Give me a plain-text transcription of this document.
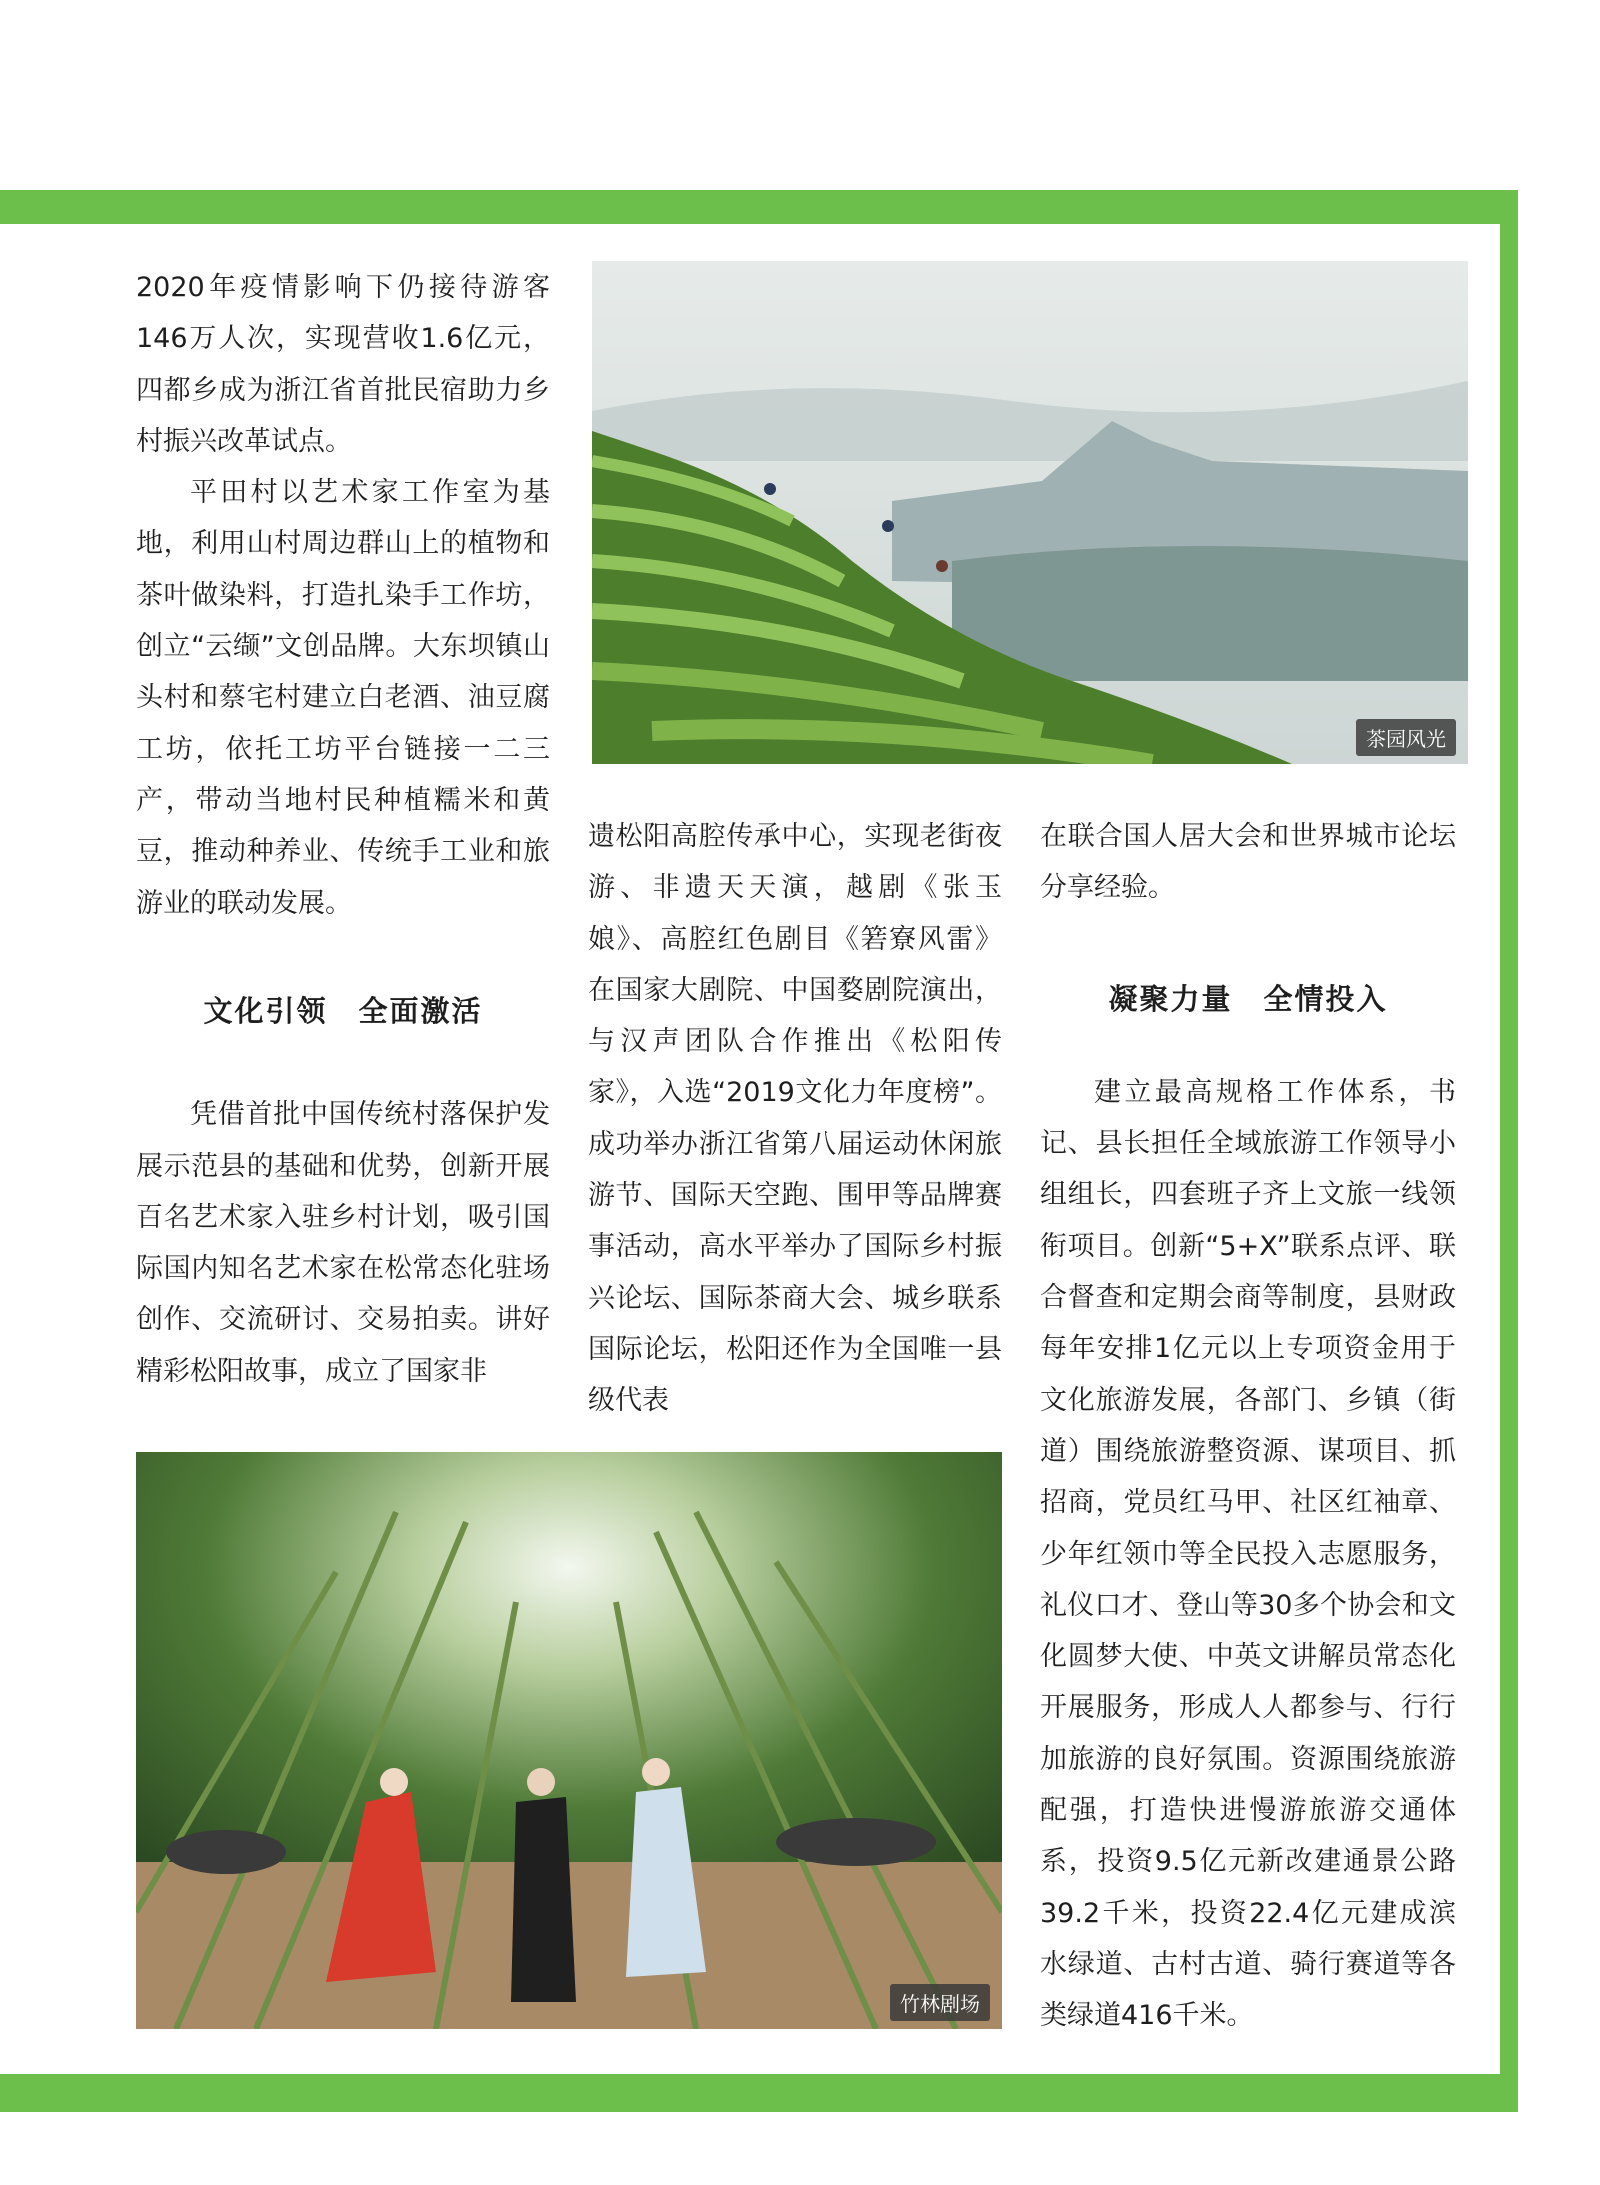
2020年疫情影响下仍接待游客146万人次，实现营收1.6亿元，四都乡成为浙江省首批民宿助力乡村振兴改革试点。

平田村以艺术家工作室为基地，利用山村周边群山上的植物和茶叶做染料，打造扎染手工作坊，创立“云缬”文创品牌。大东坝镇山头村和蔡宅村建立白老酒、油豆腐工坊，依托工坊平台链接一二三产，带动当地村民种植糯米和黄豆，推动种养业、传统手工业和旅游业的联动发展。

文化引领　全面激活

凭借首批中国传统村落保护发展示范县的基础和优势，创新开展百名艺术家入驻乡村计划，吸引国际国内知名艺术家在松常态化驻场创作、交流研讨、交易拍卖。讲好精彩松阳故事，成立了国家非

遗松阳高腔传承中心，实现老街夜游、非遗天天演，越剧《张玉娘》、高腔红色剧目《箬寮风雷》在国家大剧院、中国婺剧院演出，与汉声团队合作推出《松阳传家》，入选“2019文化力年度榜”。成功举办浙江省第八届运动休闲旅游节、国际天空跑、围甲等品牌赛事活动，高水平举办了国际乡村振兴论坛、国际茶商大会、城乡联系国际论坛，松阳还作为全国唯一县级代表

在联合国人居大会和世界城市论坛分享经验。

凝聚力量　全情投入

建立最高规格工作体系，书记、县长担任全域旅游工作领导小组组长，四套班子齐上文旅一线领衔项目。创新“5+X”联系点评、联合督查和定期会商等制度，县财政每年安排1亿元以上专项资金用于文化旅游发展，各部门、乡镇（街道）围绕旅游整资源、谋项目、抓招商，党员红马甲、社区红袖章、少年红领巾等全民投入志愿服务，礼仪口才、登山等30多个协会和文化圆梦大使、中英文讲解员常态化开展服务，形成人人都参与、行行加旅游的良好氛围。资源围绕旅游配强，打造快进慢游旅游交通体系，投资9.5亿元新改建通景公路39.2千米，投资22.4亿元建成滨水绿道、古村古道、骑行赛道等各类绿道416千米。

茶园风光
竹林剧场
